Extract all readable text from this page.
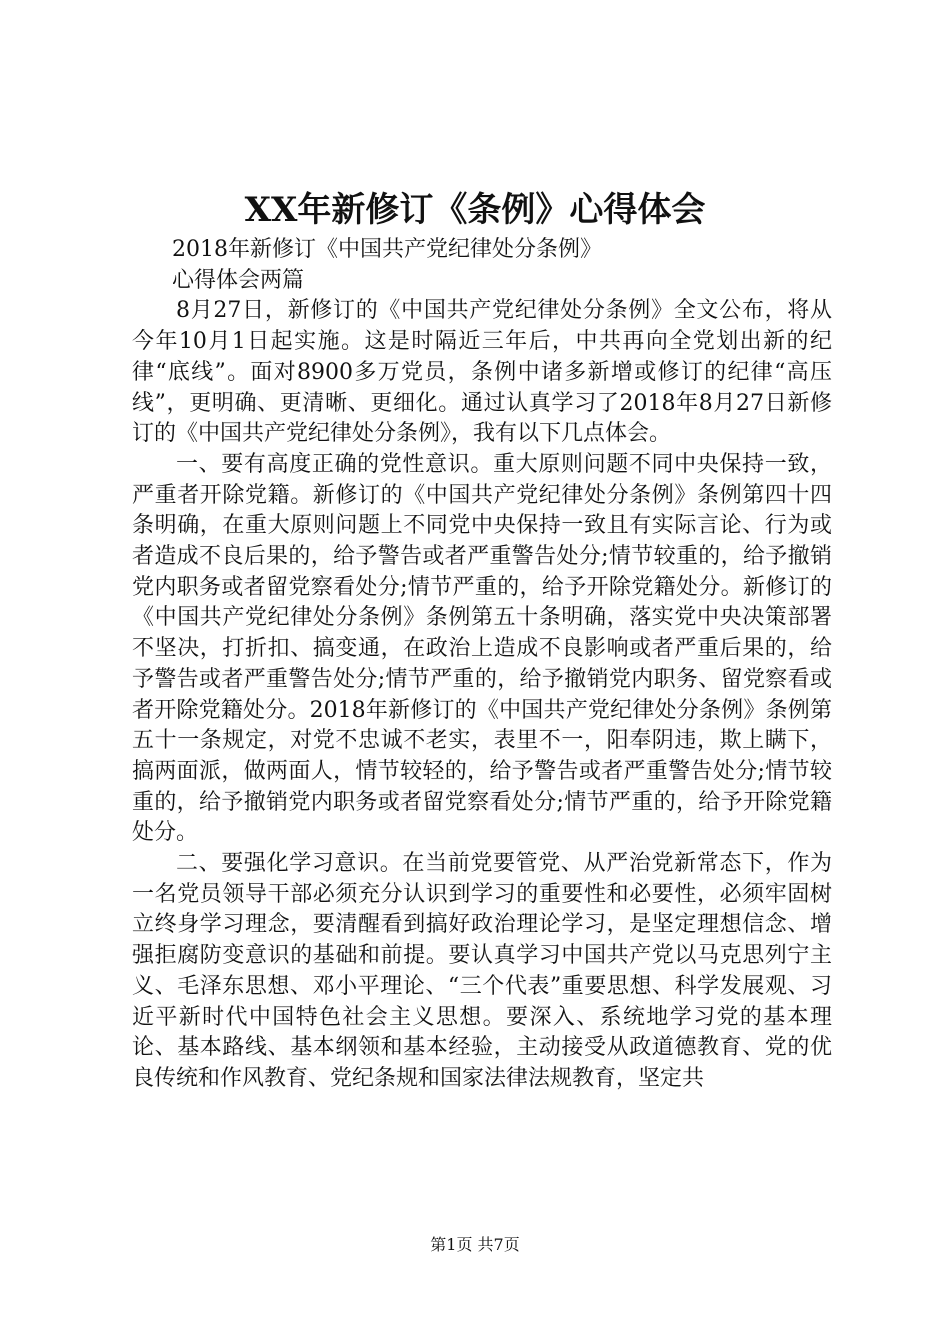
XX年新修订《条例》心得体会

2018年新修订《中国共产党纪律处分条例》

心得体会两篇

8月27日，新修订的《中国共产党纪律处分条例》全文公布，将从今年10月1日起实施。这是时隔近三年后，中共再向全党划出新的纪律“底线”。面对8900多万党员，条例中诸多新增或修订的纪律“高压线”，更明确、更清晰、更细化。通过认真学习了2018年8月27日新修订的《中国共产党纪律处分条例》，我有以下几点体会。

一、要有高度正确的党性意识。重大原则问题不同中央保持一致，严重者开除党籍。新修订的《中国共产党纪律处分条例》条例第四十四条明确，在重大原则问题上不同党中央保持一致且有实际言论、行为或者造成不良后果的，给予警告或者严重警告处分;情节较重的，给予撤销党内职务或者留党察看处分;情节严重的，给予开除党籍处分。新修订的《中国共产党纪律处分条例》条例第五十条明确，落实党中央决策部署不坚决，打折扣、搞变通，在政治上造成不良影响或者严重后果的，给予警告或者严重警告处分;情节严重的，给予撤销党内职务、留党察看或者开除党籍处分。2018年新修订的《中国共产党纪律处分条例》条例第五十一条规定，对党不忠诚不老实，表里不一，阳奉阴违，欺上瞒下，搞两面派，做两面人，情节较轻的，给予警告或者严重警告处分;情节较重的，给予撤销党内职务或者留党察看处分;情节严重的，给予开除党籍处分。

二、要强化学习意识。在当前党要管党、从严治党新常态下，作为一名党员领导干部必须充分认识到学习的重要性和必要性，必须牢固树立终身学习理念，要清醒看到搞好政治理论学习，是坚定理想信念、增强拒腐防变意识的基础和前提。要认真学习中国共产党以马克思列宁主义、毛泽东思想、邓小平理论、“三个代表”重要思想、科学发展观、习近平新时代中国特色社会主义思想。要深入、系统地学习党的基本理论、基本路线、基本纲领和基本经验，主动接受从政道德教育、党的优良传统和作风教育、党纪条规和国家法律法规教育，坚定共

第1页 共7页
